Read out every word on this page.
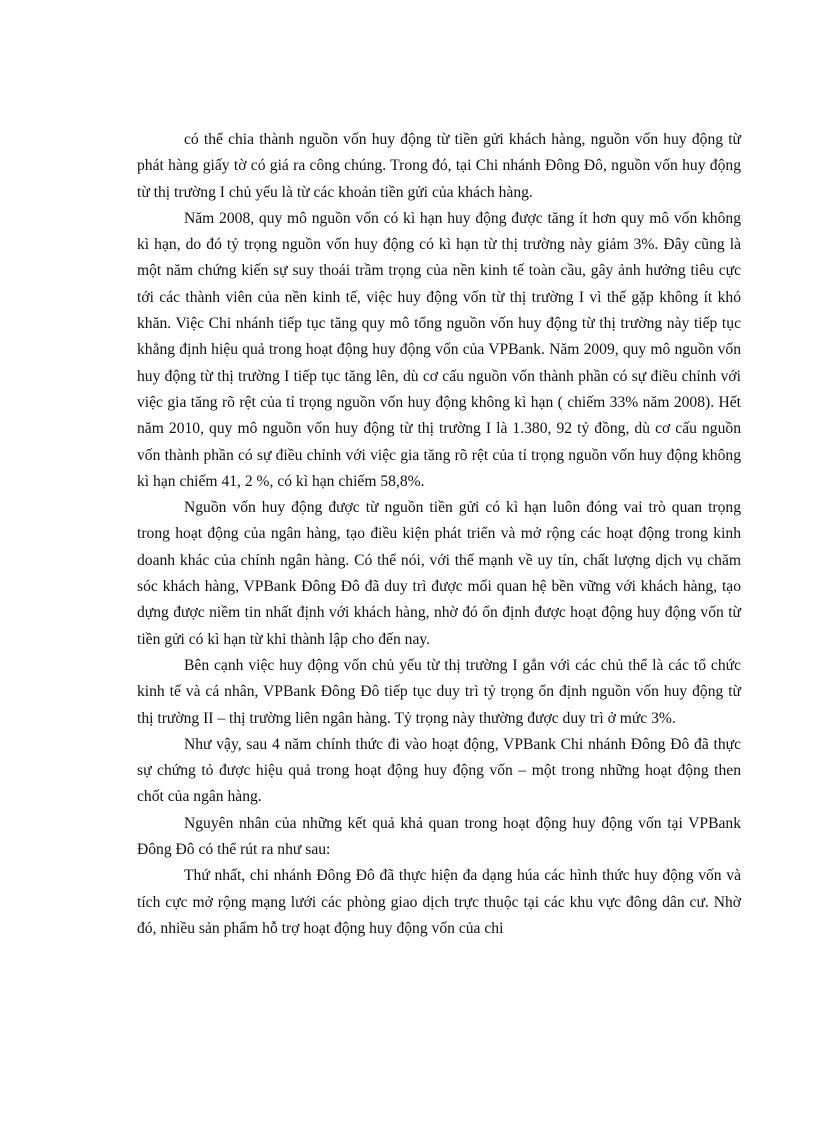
có thể chia thành nguồn vốn huy động từ tiền gửi khách hàng, nguồn vốn huy động từ phát hàng giấy tờ có giá ra công chúng. Trong đó, tại Chi nhánh Đông Đô, nguồn vốn huy động từ thị trường I chủ yếu là từ các khoản tiền gửi của khách hàng.

Năm 2008, quy mô nguồn vốn có kì hạn huy động được tăng ít hơn quy mô vốn không kì hạn, do đó tỷ trọng nguồn vốn huy động có kì hạn từ thị trường này giảm 3%. Đây cũng là một năm chứng kiến sự suy thoái trầm trọng của nền kinh tế toàn cầu, gây ảnh hưởng tiêu cực tới các thành viên của nền kinh tế, việc huy động vốn từ thị trường I vì thế gặp không ít khó khăn. Việc Chi nhánh tiếp tục tăng quy mô tổng nguồn vốn huy động từ thị trường này tiếp tục khẳng định hiệu quả trong hoạt động huy động vốn của VPBank. Năm 2009, quy mô nguồn vốn huy động từ thị trường I tiếp tục tăng lên, dù cơ cấu nguồn vốn thành phần có sự điều chỉnh với việc gia tăng rõ rệt của tỉ trọng nguồn vốn huy động không kì hạn ( chiếm 33% năm 2008). Hết năm 2010, quy mô nguồn vốn huy động từ thị trường I là 1.380, 92 tỷ đồng, dù cơ cấu nguồn vốn thành phần có sự điều chỉnh với việc gia tăng rõ rệt của tỉ trọng nguồn vốn huy động không kì hạn chiếm 41, 2 %, có kì hạn chiếm 58,8%.

Nguồn vốn huy động được từ nguồn tiền gửi có kì hạn luôn đóng vai trò quan trọng trong hoạt động của ngân hàng, tạo điều kiện phát triển và mở rộng các hoạt động trong kinh doanh khác của chính ngân hàng. Có thể nói, với thế mạnh về uy tín, chất lượng dịch vụ chăm sóc khách hàng, VPBank Đông Đô đã duy trì được mối quan hệ bền vững với khách hàng, tạo dựng được niềm tin nhất định với khách hàng, nhờ đó ổn định được hoạt động huy động vốn từ tiền gửi có kì hạn từ khi thành lập cho đến nay.

Bên cạnh việc huy động vốn chủ yếu từ thị trường I gắn với các chủ thể là các tổ chức kinh tế và cá nhân, VPBank Đông Đô tiếp tục duy trì tỷ trọng ổn định nguồn vốn huy động từ thị trường II – thị trường liên ngân hàng. Tỷ trọng này thường được duy trì ở mức 3%.

Như vậy, sau 4 năm chính thức đi vào hoạt động, VPBank Chi nhánh Đông Đô đã thực sự chứng tỏ được hiệu quả trong hoạt động huy động vốn – một trong những hoạt động then chốt của ngân hàng.

Nguyên nhân của những kết quả khả quan trong hoạt động huy động vốn tại VPBank Đông Đô có thể rút ra như sau:

Thứ nhất, chi nhánh Đông Đô đã thực hiện đa dạng húa các hình thức huy động vốn và tích cực mở rộng mạng lưới các phòng giao dịch trực thuộc tại các khu vực đông dân cư. Nhờ đó, nhiều sản phẩm hỗ trợ hoạt động huy động vốn của chi
